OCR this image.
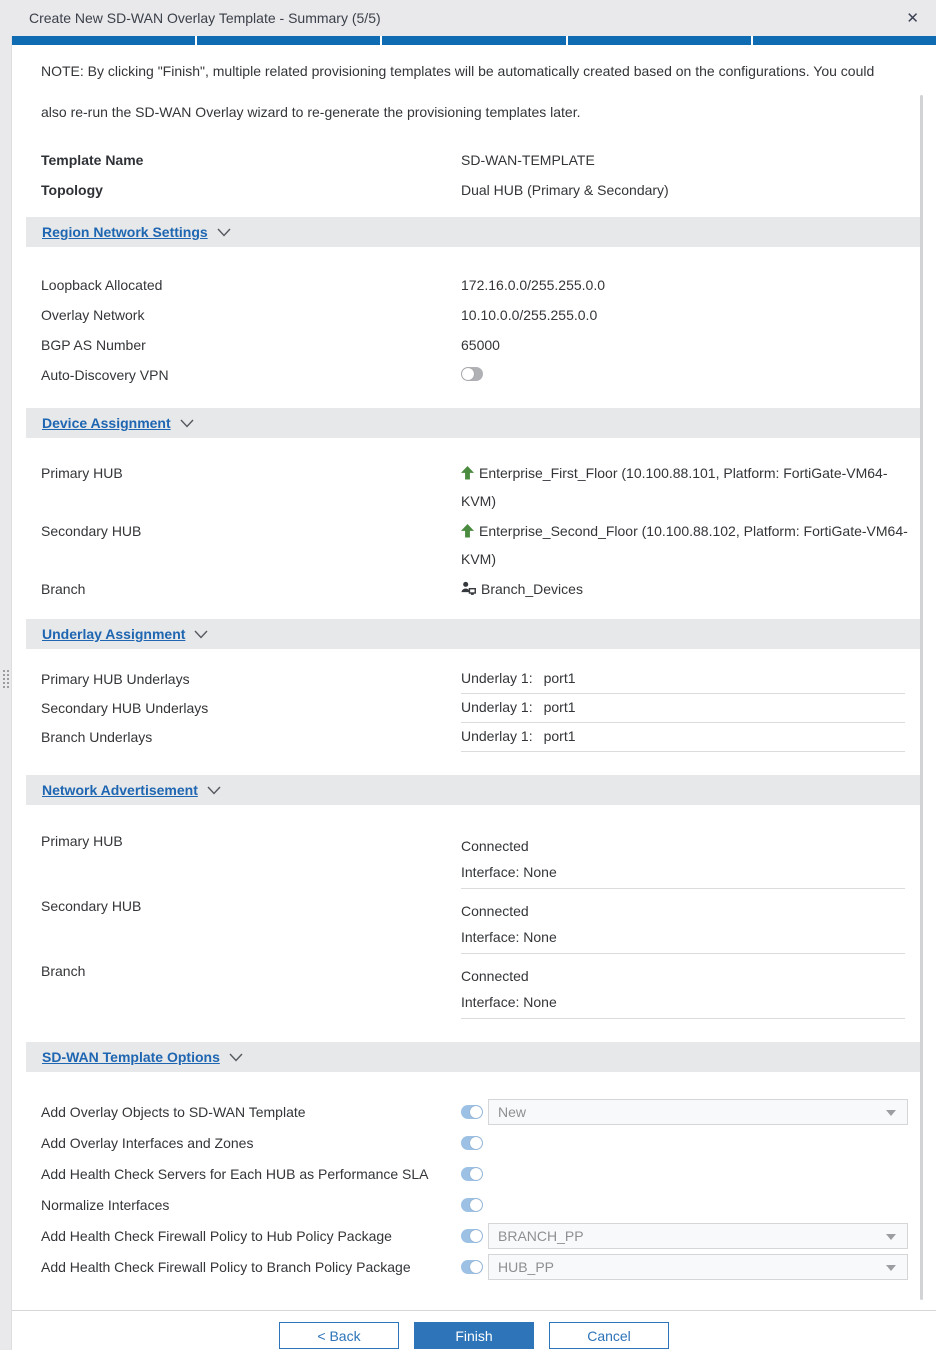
Create New SD-WAN Overlay Template - Summary (5/5)	✕

NOTE: By clicking "Finish", multiple related provisioning templates will be automatically created based on the configurations. You could also re-run the SD-WAN Overlay wizard to re-generate the provisioning templates later.

Template Name	SD-WAN-TEMPLATE
Topology	Dual HUB (Primary & Secondary)
Region Network Settings
Loopback Allocated	172.16.0.0/255.255.0.0
Overlay Network	10.10.0.0/255.255.0.0
BGP AS Number	65000
Auto-Discovery VPN
Device Assignment
Primary HUB	Enterprise_First_Floor (10.100.88.101, Platform: FortiGate-VM64-KVM)
Secondary HUB	Enterprise_Second_Floor (10.100.88.102, Platform: FortiGate-VM64-KVM)
Branch	Branch_Devices
Underlay Assignment
Primary HUB Underlays	Underlay 1: port1
Secondary HUB Underlays	Underlay 1: port1
Branch Underlays	Underlay 1: port1
Network Advertisement
Primary HUB	Connected
Interface: None
Secondary HUB	Connected
Interface: None
Branch	Connected
Interface: None
SD-WAN Template Options
Add Overlay Objects to SD-WAN Template	New
Add Overlay Interfaces and Zones
Add Health Check Servers for Each HUB as Performance SLA
Normalize Interfaces
Add Health Check Firewall Policy to Hub Policy Package	BRANCH_PP
Add Health Check Firewall Policy to Branch Policy Package	HUB_PP
< Back	Finish	Cancel
